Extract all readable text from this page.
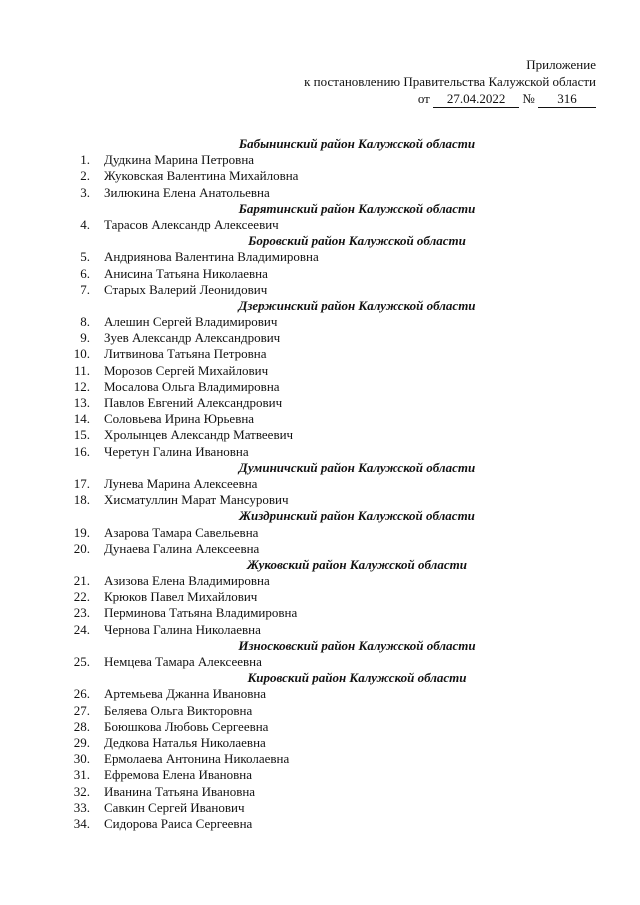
Приложение
к постановлению Правительства Калужской области
от 27.04.2022 № 316
Бабынинский район Калужской области
1. Дудкина Марина Петровна
2. Жуковская Валентина Михайловна
3. Зилюкина Елена Анатольевна
Барятинский район Калужской области
4. Тарасов Александр Алексеевич
Боровский район Калужской области
5. Андриянова Валентина Владимировна
6. Анисина Татьяна Николаевна
7. Старых Валерий Леонидович
Дзержинский район Калужской области
8. Алешин Сергей Владимирович
9. Зуев Александр Александрович
10. Литвинова Татьяна Петровна
11. Морозов Сергей Михайлович
12. Мосалова Ольга Владимировна
13. Павлов Евгений Александрович
14. Соловьева Ирина Юрьевна
15. Хролынцев Александр Матвеевич
16. Черетун Галина Ивановна
Думиничский район Калужской области
17. Лунева Марина Алексеевна
18. Хисматуллин Марат Мансурович
Жиздринский район Калужской области
19. Азарова Тамара Савельевна
20. Дунаева Галина Алексеевна
Жуковский район Калужской области
21. Азизова Елена Владимировна
22. Крюков Павел Михайлович
23. Перминова Татьяна Владимировна
24. Чернова Галина Николаевна
Износковский район Калужской области
25. Немцева Тамара Алексеевна
Кировский район Калужской области
26. Артемьева Джанна Ивановна
27. Беляева Ольга Викторовна
28. Боюшкова Любовь Сергеевна
29. Дедкова Наталья Николаевна
30. Ермолаева Антонина Николаевна
31. Ефремова Елена Ивановна
32. Иванина Татьяна Ивановна
33. Савкин Сергей Иванович
34. Сидорова Раиса Сергеевна
